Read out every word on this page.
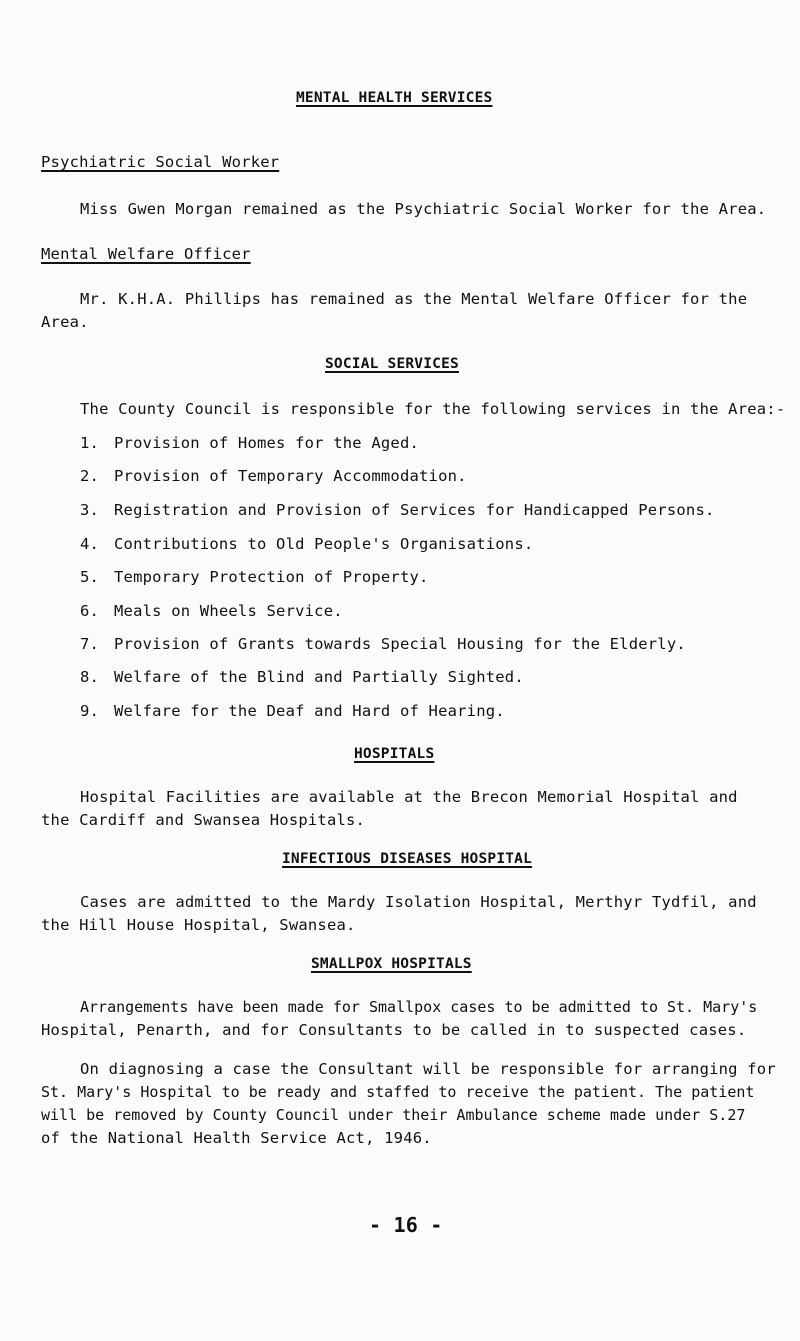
MENTAL HEALTH SERVICES
Psychiatric Social Worker
Miss Gwen Morgan remained as the Psychiatric Social Worker for the Area.
Mental Welfare Officer
Mr. K.H.A. Phillips has remained as the Mental Welfare Officer for the
Area.
SOCIAL SERVICES
The County Council is responsible for the following services in the Area:-
1. Provision of Homes for the Aged.
2. Provision of Temporary Accommodation.
3. Registration and Provision of Services for Handicapped Persons.
4. Contributions to Old People's Organisations.
5. Temporary Protection of Property.
6. Meals on Wheels Service.
7. Provision of Grants towards Special Housing for the Elderly.
8. Welfare of the Blind and Partially Sighted.
9. Welfare for the Deaf and Hard of Hearing.
HOSPITALS
Hospital Facilities are available at the Brecon Memorial Hospital and
the Cardiff and Swansea Hospitals.
INFECTIOUS DISEASES HOSPITAL
Cases are admitted to the Mardy Isolation Hospital, Merthyr Tydfil, and
the Hill House Hospital, Swansea.
SMALLPOX HOSPITALS
Arrangements have been made for Smallpox cases to be admitted to St. Mary's
Hospital, Penarth, and for Consultants to be called in to suspected cases.
On diagnosing a case the Consultant will be responsible for arranging for
St. Mary's Hospital to be ready and staffed to receive the patient. The patient
will be removed by County Council under their Ambulance scheme made under S.27
of the National Health Service Act, 1946.
- 16 -
